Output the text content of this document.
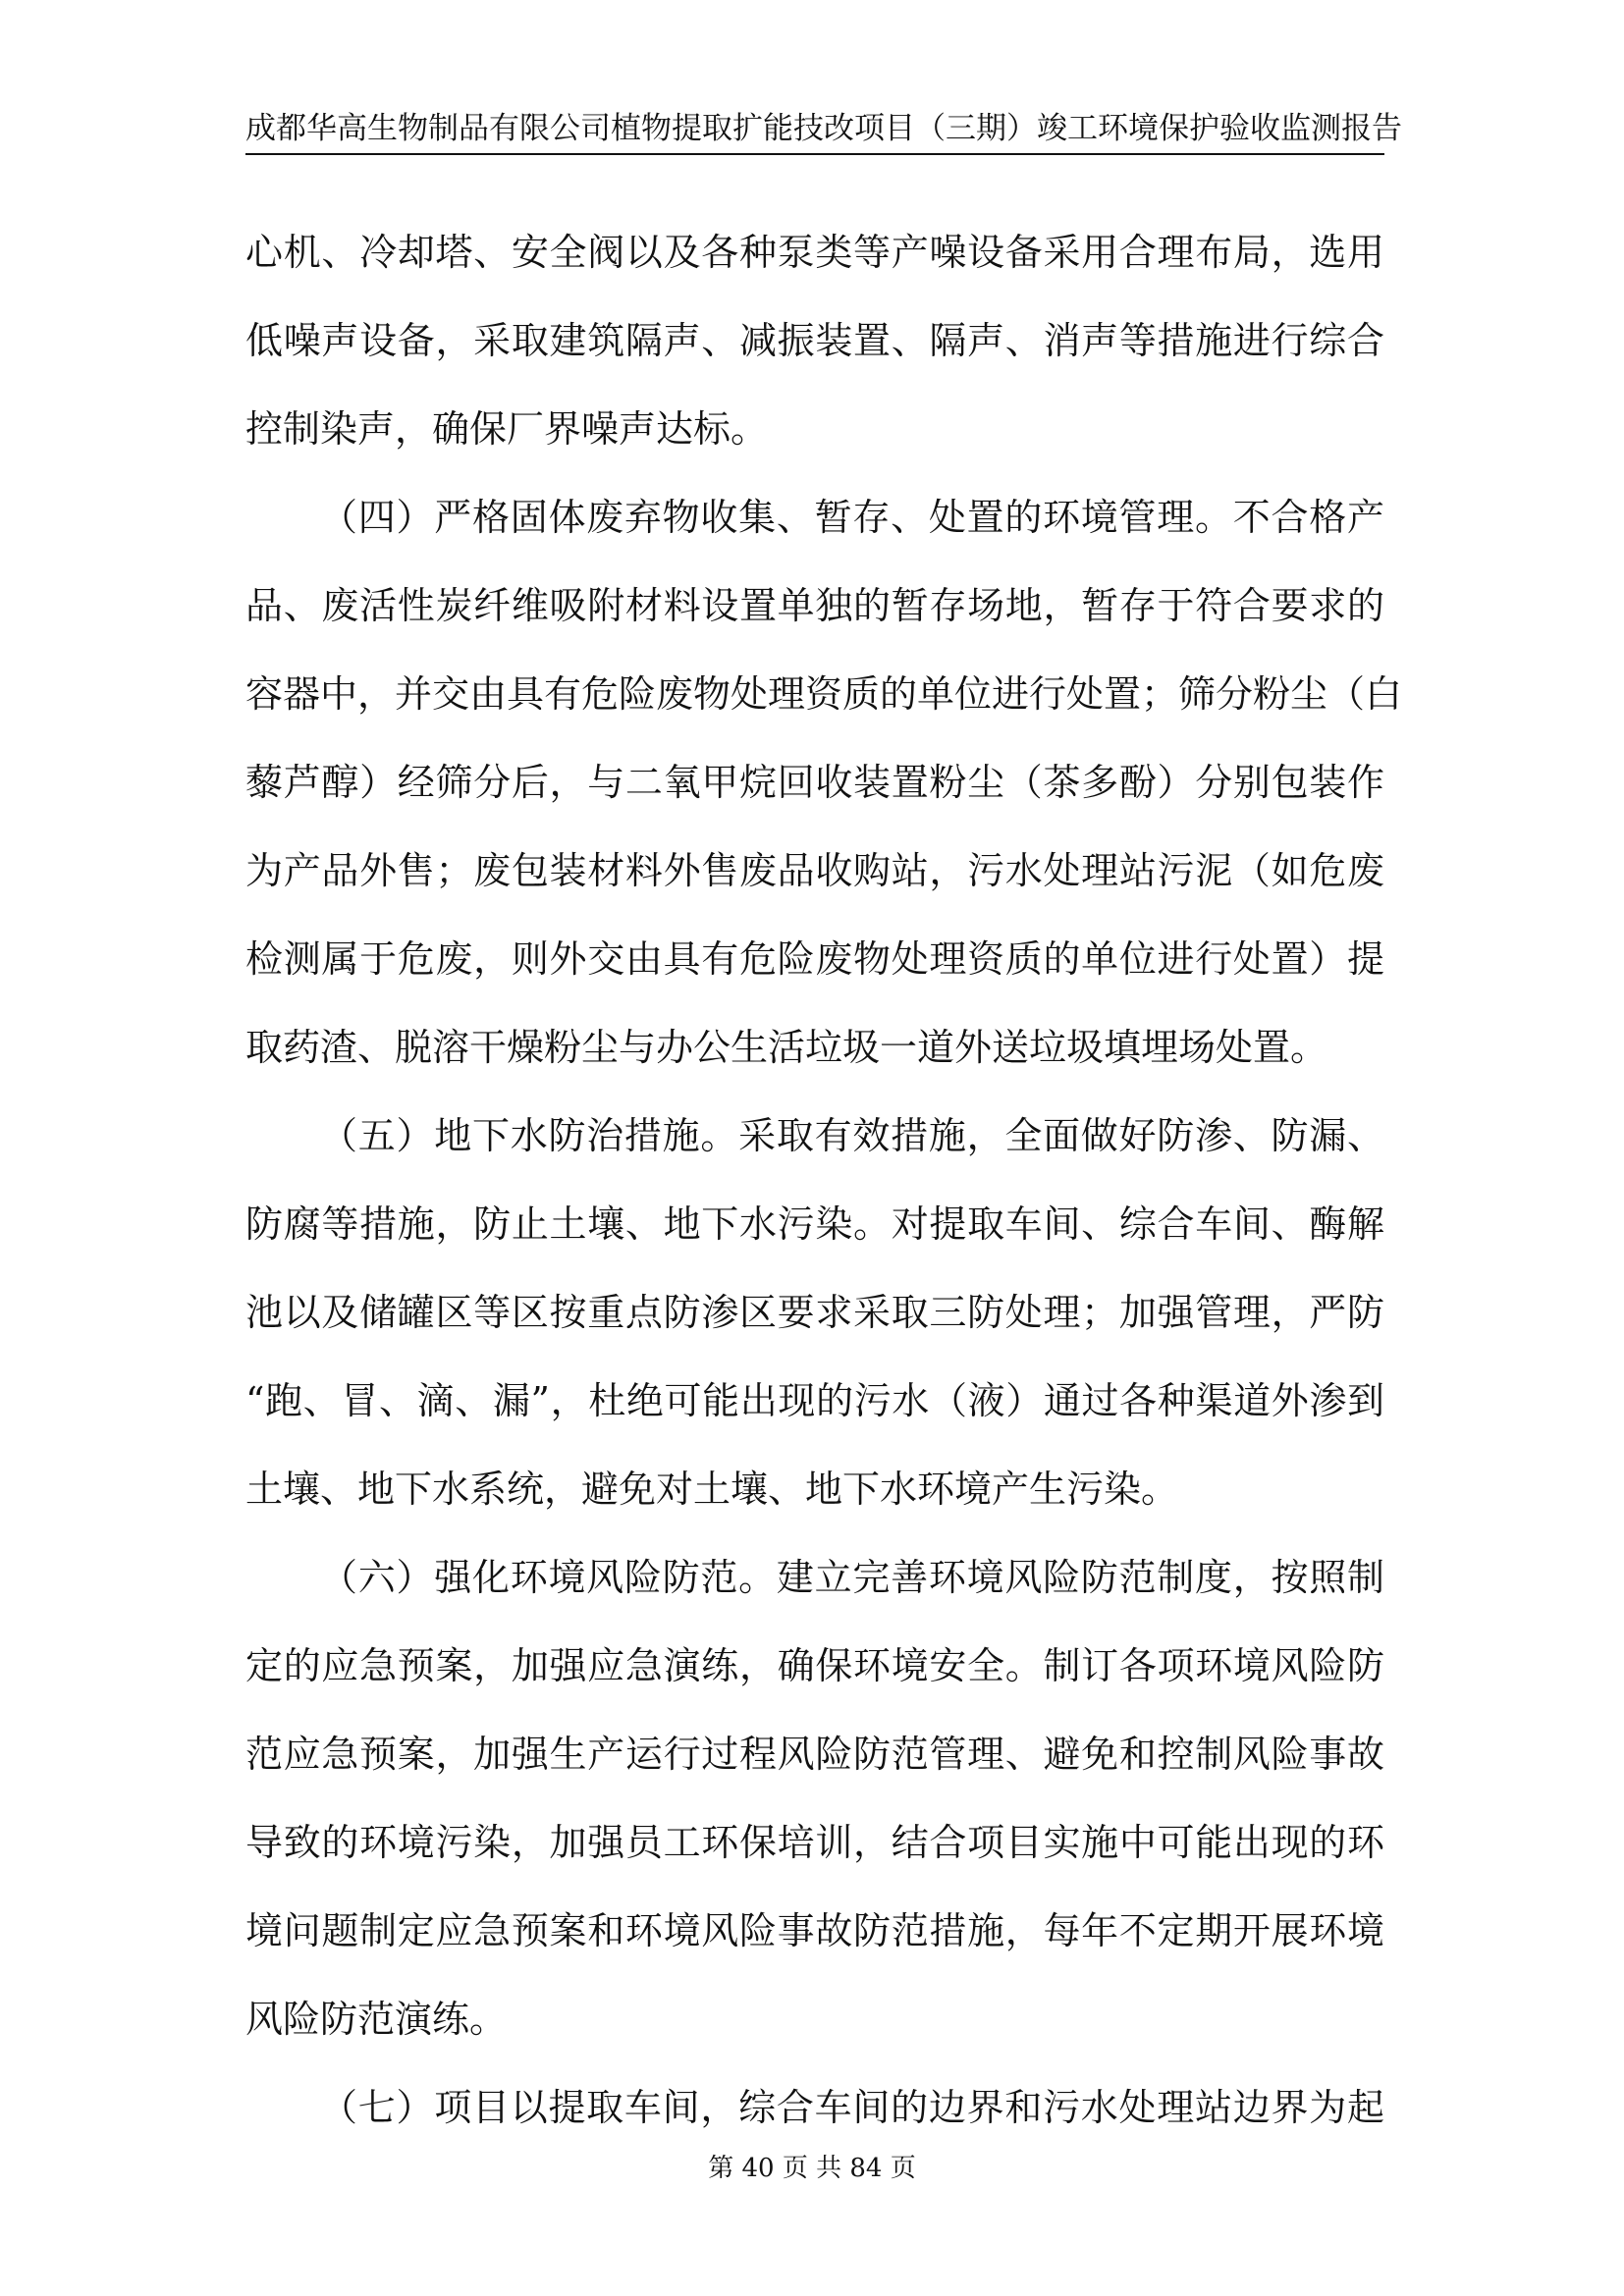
成都华高生物制品有限公司植物提取扩能技改项目（三期）竣工环境保护验收监测报告
心机、冷却塔、安全阀以及各种泵类等产噪设备采用合理布局，选用
低噪声设备，采取建筑隔声、减振装置、隔声、消声等措施进行综合
控制染声，确保厂界噪声达标。
（四）严格固体废弃物收集、暂存、处置的环境管理。不合格产
品、废活性炭纤维吸附材料设置单独的暂存场地，暂存于符合要求的
容器中，并交由具有危险废物处理资质的单位进行处置；筛分粉尘（白
藜芦醇）经筛分后，与二氧甲烷回收装置粉尘（茶多酚）分别包装作
为产品外售；废包装材料外售废品收购站，污水处理站污泥（如危废
检测属于危废，则外交由具有危险废物处理资质的单位进行处置）提
取药渣、脱溶干燥粉尘与办公生活垃圾一道外送垃圾填埋场处置。
（五）地下水防治措施。采取有效措施，全面做好防渗、防漏、
防腐等措施，防止土壤、地下水污染。对提取车间、综合车间、酶解
池以及储罐区等区按重点防渗区要求采取三防处理；加强管理，严防
“跑、冒、滴、漏”，杜绝可能出现的污水（液）通过各种渠道外渗到
土壤、地下水系统，避免对土壤、地下水环境产生污染。
（六）强化环境风险防范。建立完善环境风险防范制度，按照制
定的应急预案，加强应急演练，确保环境安全。制订各项环境风险防
范应急预案，加强生产运行过程风险防范管理、避免和控制风险事故
导致的环境污染，加强员工环保培训，结合项目实施中可能出现的环
境问题制定应急预案和环境风险事故防范措施，每年不定期开展环境
风险防范演练。
（七）项目以提取车间，综合车间的边界和污水处理站边界为起
第 40 页 共 84 页
